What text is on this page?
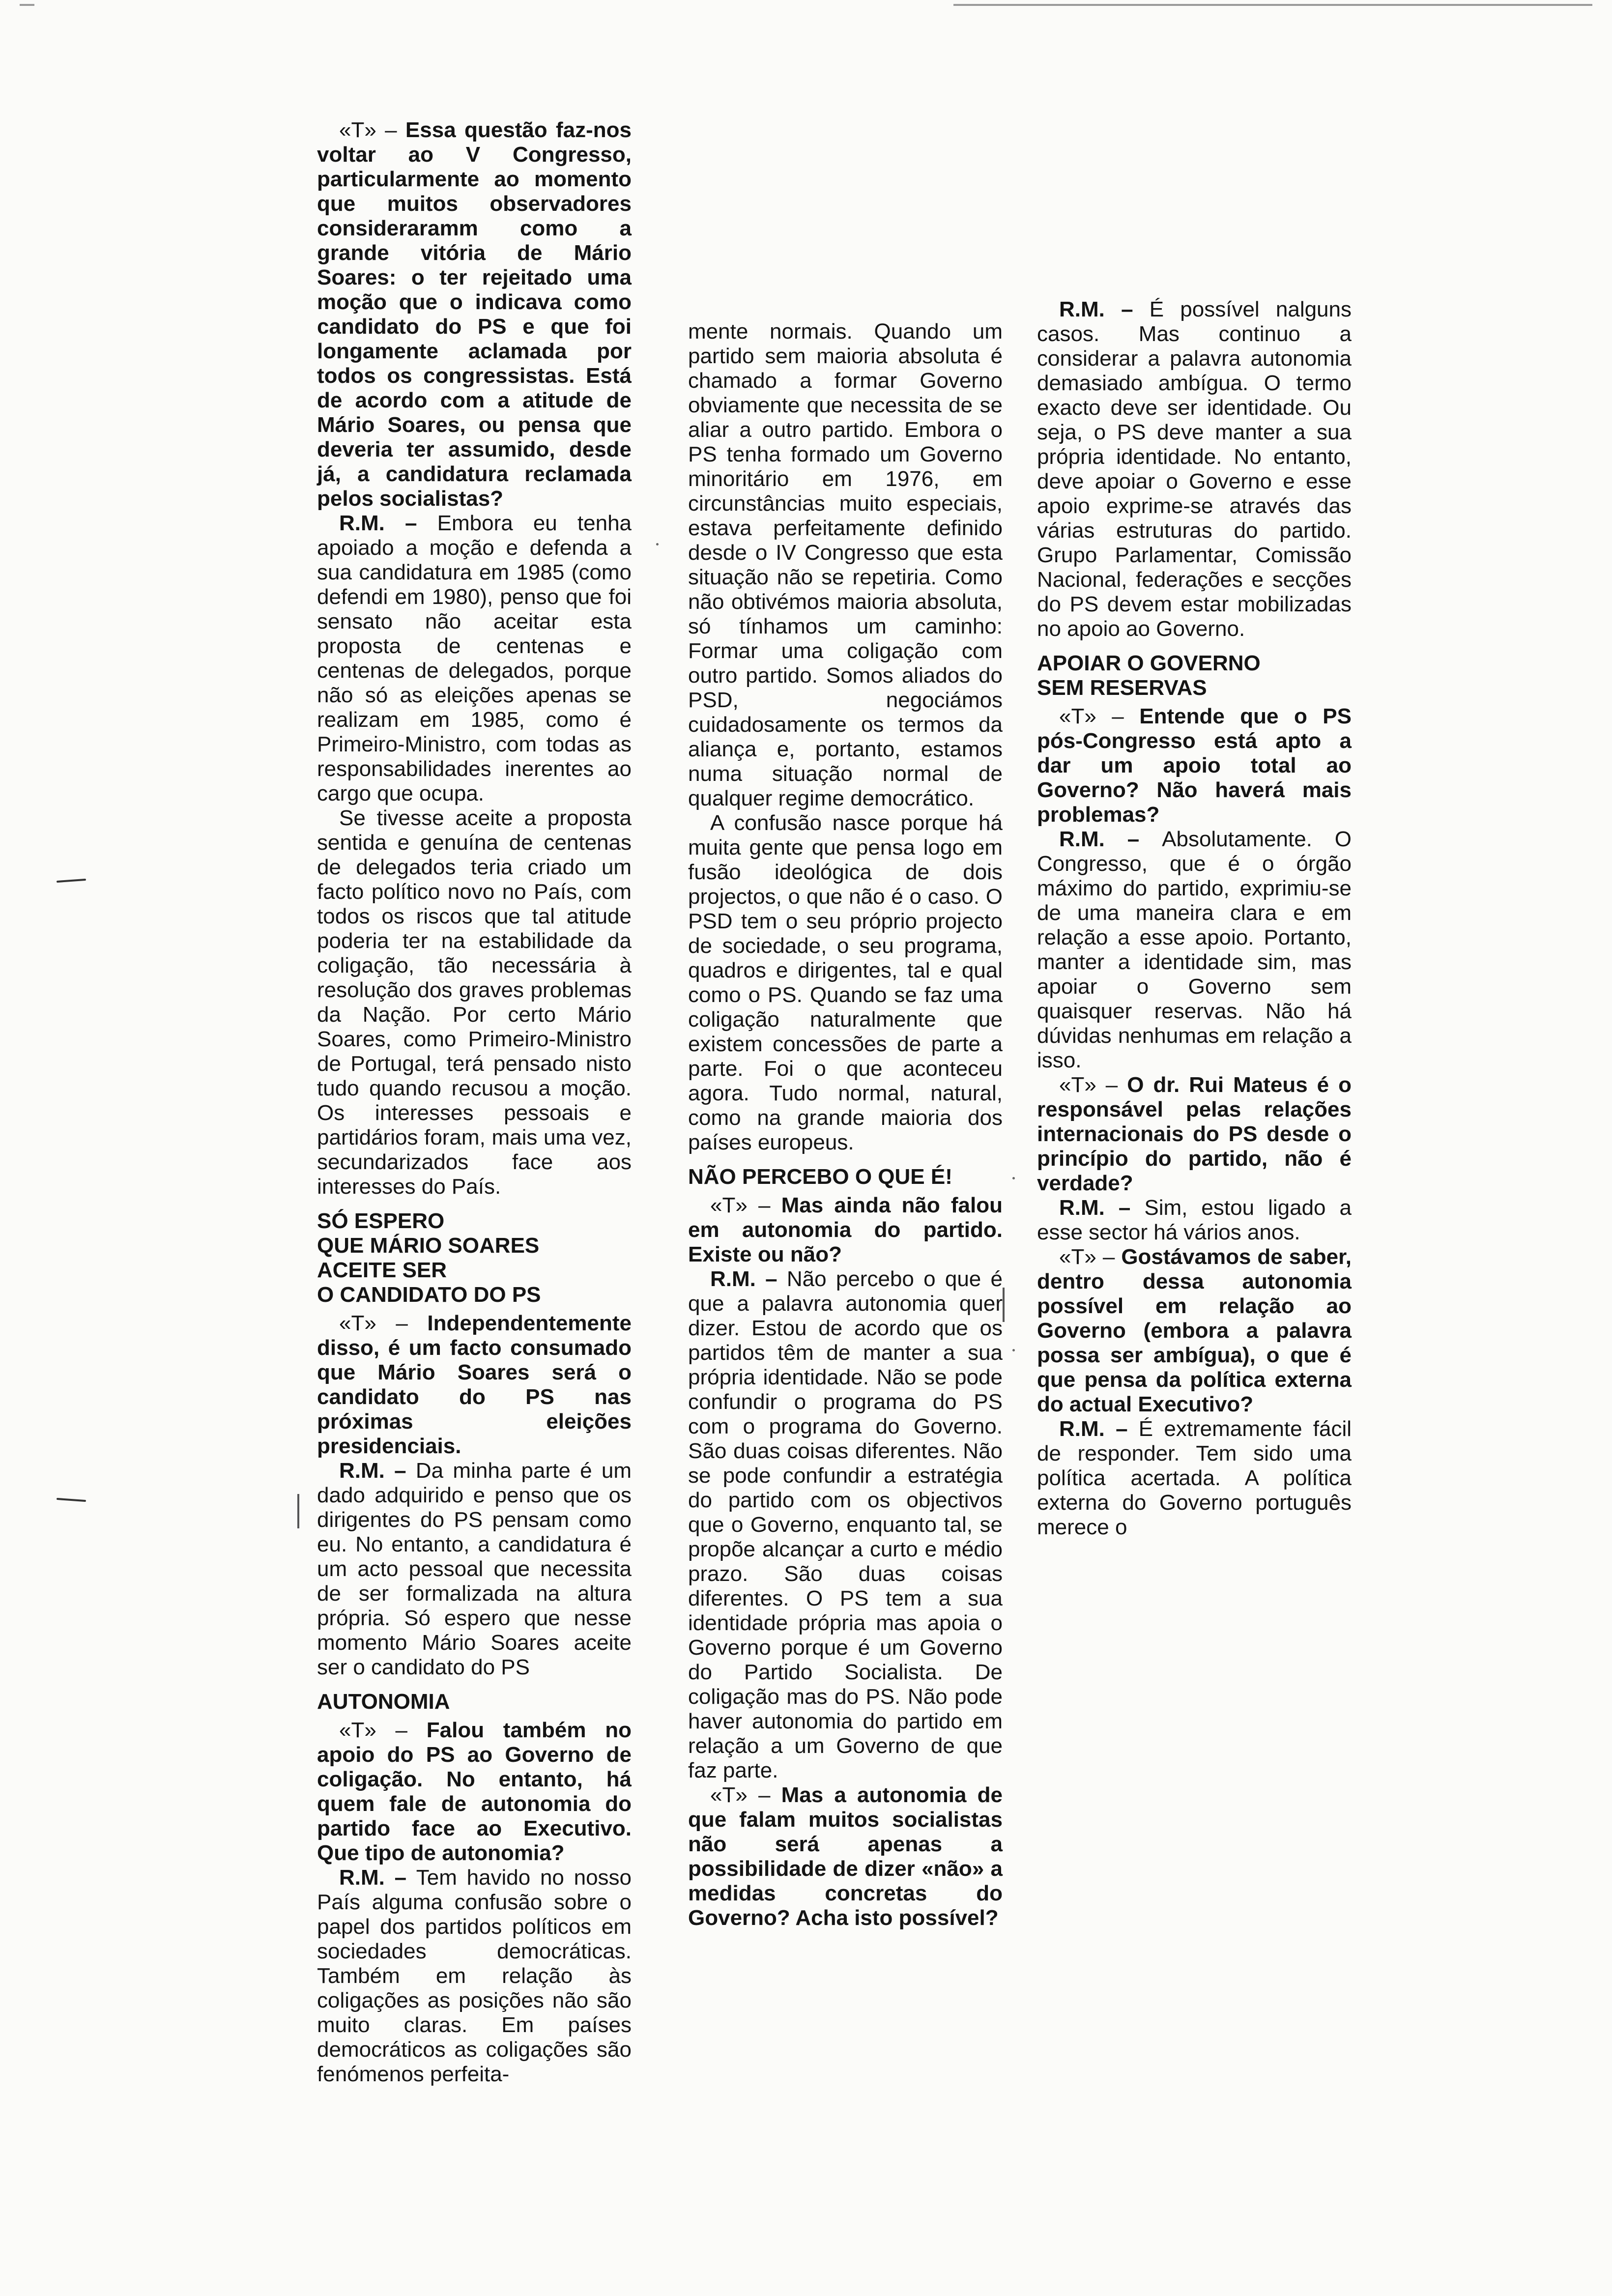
«T» – Essa questão faz-nos voltar ao V Congresso, particularmente ao momento que muitos observadores consideraramm como a grande vitória de Mário Soares: o ter rejeitado uma moção que o indicava como candidato do PS e que foi longamente aclamada por todos os congressistas. Está de acordo com a atitude de Mário Soares, ou pensa que deveria ter assumido, desde já, a candidatura reclamada pelos socialistas?

R.M. – Embora eu tenha apoiado a moção e defenda a sua candidatura em 1985 (como defendi em 1980), penso que foi sensato não aceitar esta proposta de centenas e centenas de delegados, porque não só as eleições apenas se realizam em 1985, como é Primeiro-Ministro, com todas as responsabilidades inerentes ao cargo que ocupa.

Se tivesse aceite a proposta sentida e genuína de centenas de delegados teria criado um facto político novo no País, com todos os riscos que tal atitude poderia ter na estabilidade da coligação, tão necessária à resolução dos graves problemas da Nação. Por certo Mário Soares, como Primeiro-Ministro de Portugal, terá pensado nisto tudo quando recusou a moção. Os interesses pessoais e partidários foram, mais uma vez, secundarizados face aos interesses do País.

SÓ ESPERO
QUE MÁRIO SOARES
ACEITE SER
O CANDIDATO DO PS

«T» – Independentemente disso, é um facto consumado que Mário Soares será o candidato do PS nas próximas eleições presidenciais.

R.M. – Da minha parte é um dado adquirido e penso que os dirigentes do PS pensam como eu. No entanto, a candidatura é um acto pessoal que necessita de ser formalizada na altura própria. Só espero que nesse momento Mário Soares aceite ser o candidato do PS

AUTONOMIA

«T» – Falou também no apoio do PS ao Governo de coligação. No entanto, há quem fale de autonomia do partido face ao Executivo. Que tipo de autonomia?

R.M. – Tem havido no nosso País alguma confusão sobre o papel dos partidos políticos em sociedades democráticas. Também em relação às coligações as posições não são muito claras. Em países democráticos as coligações são fenómenos perfeita-

mente normais. Quando um partido sem maioria absoluta é chamado a formar Governo obviamente que necessita de se aliar a outro partido. Embora o PS tenha formado um Governo minoritário em 1976, em circunstâncias muito especiais, estava perfeitamente definido desde o IV Congresso que esta situação não se repetiria. Como não obtivémos maioria absoluta, só tínhamos um caminho: Formar uma coligação com outro partido. Somos aliados do PSD, negociámos cuidadosamente os termos da aliança e, portanto, estamos numa situação normal de qualquer regime democrático.

A confusão nasce porque há muita gente que pensa logo em fusão ideológica de dois projectos, o que não é o caso. O PSD tem o seu próprio projecto de sociedade, o seu programa, quadros e dirigentes, tal e qual como o PS. Quando se faz uma coligação naturalmente que existem concessões de parte a parte. Foi o que aconteceu agora. Tudo normal, natural, como na grande maioria dos países europeus.

NÃO PERCEBO O QUE É!

«T» – Mas ainda não falou em autonomia do partido. Existe ou não?

R.M. – Não percebo o que é que a palavra autonomia quer dizer. Estou de acordo que os partidos têm de manter a sua própria identidade. Não se pode confundir o programa do PS com o programa do Governo. São duas coisas diferentes. Não se pode confundir a estratégia do partido com os objectivos que o Governo, enquanto tal, se propõe alcançar a curto e médio prazo. São duas coisas diferentes. O PS tem a sua identidade própria mas apoia o Governo porque é um Governo do Partido Socialista. De coligação mas do PS. Não pode haver autonomia do partido em relação a um Governo de que faz parte.

«T» – Mas a autonomia de que falam muitos socialistas não será apenas a possibilidade de dizer «não» a medidas concretas do Governo? Acha isto possível?

R.M. – É possível nalguns casos. Mas continuo a considerar a palavra autonomia demasiado ambígua. O termo exacto deve ser identidade. Ou seja, o PS deve manter a sua própria identidade. No entanto, deve apoiar o Governo e esse apoio exprime-se através das várias estruturas do partido. Grupo Parlamentar, Comissão Nacional, federações e secções do PS devem estar mobilizadas no apoio ao Governo.

APOIAR O GOVERNO
SEM RESERVAS

«T» – Entende que o PS pós-Congresso está apto a dar um apoio total ao Governo? Não haverá mais problemas?

R.M. – Absolutamente. O Congresso, que é o órgão máximo do partido, exprimiu-se de uma maneira clara e em relação a esse apoio. Portanto, manter a identidade sim, mas apoiar o Governo sem quaisquer reservas. Não há dúvidas nenhumas em relação a isso.

«T» – O dr. Rui Mateus é o responsável pelas relações internacionais do PS desde o princípio do partido, não é verdade?

R.M. – Sim, estou ligado a esse sector há vários anos.

«T» – Gostávamos de saber, dentro dessa autonomia possível em relação ao Governo (embora a palavra possa ser ambígua), o que é que pensa da política externa do actual Executivo?

R.M. – É extremamente fácil de responder. Tem sido uma política acertada. A política externa do Governo português merece o
